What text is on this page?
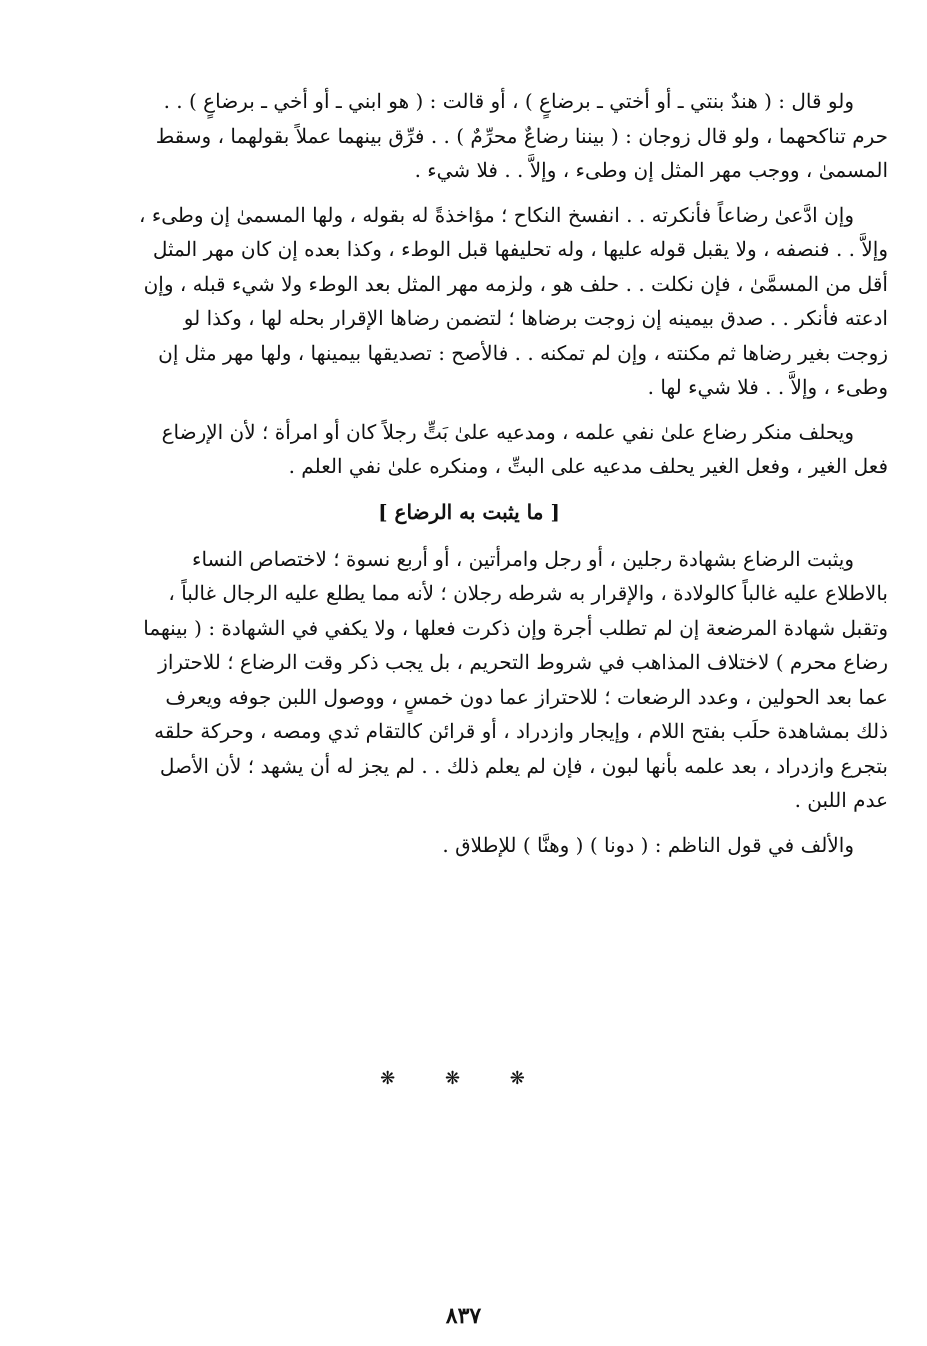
ولو قال : ( هندٌ بنتي ـ أو أختي ـ برضاعٍ ) ، أو قالت : ( هو ابني ـ أو أخي ـ برضاعٍ ) . .
حرم تناكحهما ، ولو قال زوجان : ( بيننا رضاعٌ محرِّمٌ ) . . فرِّق بينهما عملاً بقولهما ، وسقط
المسمىٰ ، ووجب مهر المثل إن وطىء ، وإلاَّ . . فلا شيء .
وإن ادَّعىٰ رضاعاً فأنكرته . . انفسخ النكاح ؛ مؤاخذةً له بقوله ، ولها المسمىٰ إن وطىء ،
وإلاَّ . . فنصفه ، ولا يقبل قوله عليها ، وله تحليفها قبل الوطء ، وكذا بعده إن كان مهر المثل
أقل من المسمَّىٰ ، فإن نكلت . . حلف هو ، ولزمه مهر المثل بعد الوطء ولا شيء قبله ، وإن
ادعته فأنكر . . صدق بيمينه إن زوجت برضاها ؛ لتضمن رضاها الإقرار بحله لها ، وكذا لو
زوجت بغير رضاها ثم مكنته ، وإن لم تمكنه . . فالأصح : تصديقها بيمينها ، ولها مهر مثل إن
وطىء ، وإلاَّ . . فلا شيء لها .
ويحلف منكر رضاع علىٰ نفي علمه ، ومدعيه علىٰ بَتٍّ رجلاً كان أو امرأة ؛ لأن الإرضاع
فعل الغير ، وفعل الغير يحلف مدعيه على البتِّ ، ومنكره علىٰ نفي العلم .
[ ما يثبت به الرضاع ]
ويثبت الرضاع بشهادة رجلين ، أو رجل وامرأتين ، أو أربع نسوة ؛ لاختصاص النساء
بالاطلاع عليه غالباً كالولادة ، والإقرار به شرطه رجلان ؛ لأنه مما يطلع عليه الرجال غالباً ،
وتقبل شهادة المرضعة إن لم تطلب أجرة وإن ذكرت فعلها ، ولا يكفي في الشهادة : ( بينهما
رضاع محرم ) لاختلاف المذاهب في شروط التحريم ، بل يجب ذكر وقت الرضاع ؛ للاحتراز
عما بعد الحولين ، وعدد الرضعات ؛ للاحتراز عما دون خمسٍ ، ووصول اللبن جوفه ويعرف
ذلك بمشاهدة حلَب بفتح اللام ، وإيجار وازدراد ، أو قرائن كالتقام ثدي ومصه ، وحركة حلقه
بتجرع وازدراد ، بعد علمه بأنها لبون ، فإن لم يعلم ذلك . . لم يجز له أن يشهد ؛ لأن الأصل
عدم اللبن .
والألف في قول الناظم : ( دونا ) ( وهنَّا ) للإطلاق .
❋ ❋ ❋
٨٣٧
